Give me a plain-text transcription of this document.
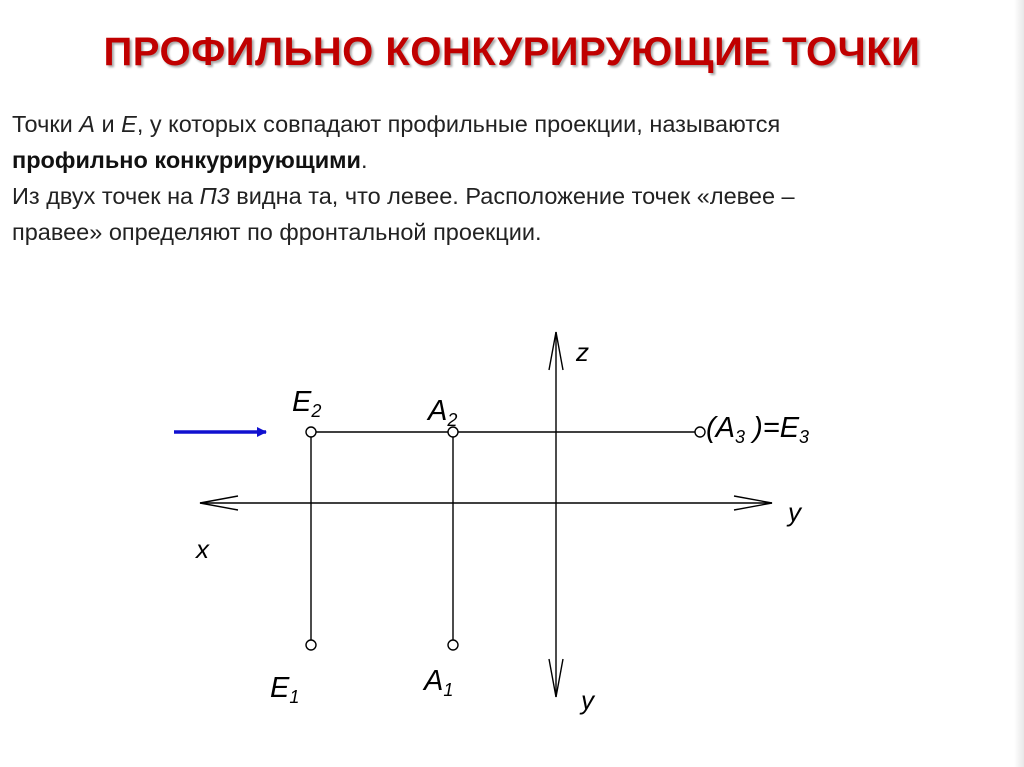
ПРОФИЛЬНО КОНКУРИРУЮЩИЕ ТОЧКИ

Точки A и E, у которых совпадают профильные проекции, называются

профильно конкурирующими.

Из двух точек на П3 видна та, что левее. Расположение точек «левее –

правее» определяют по фронтальной проекции.

z
y
x
y
$E_2$	$A_2$
$E_1$	$A_1$
($A_3$ )$=E_3$
